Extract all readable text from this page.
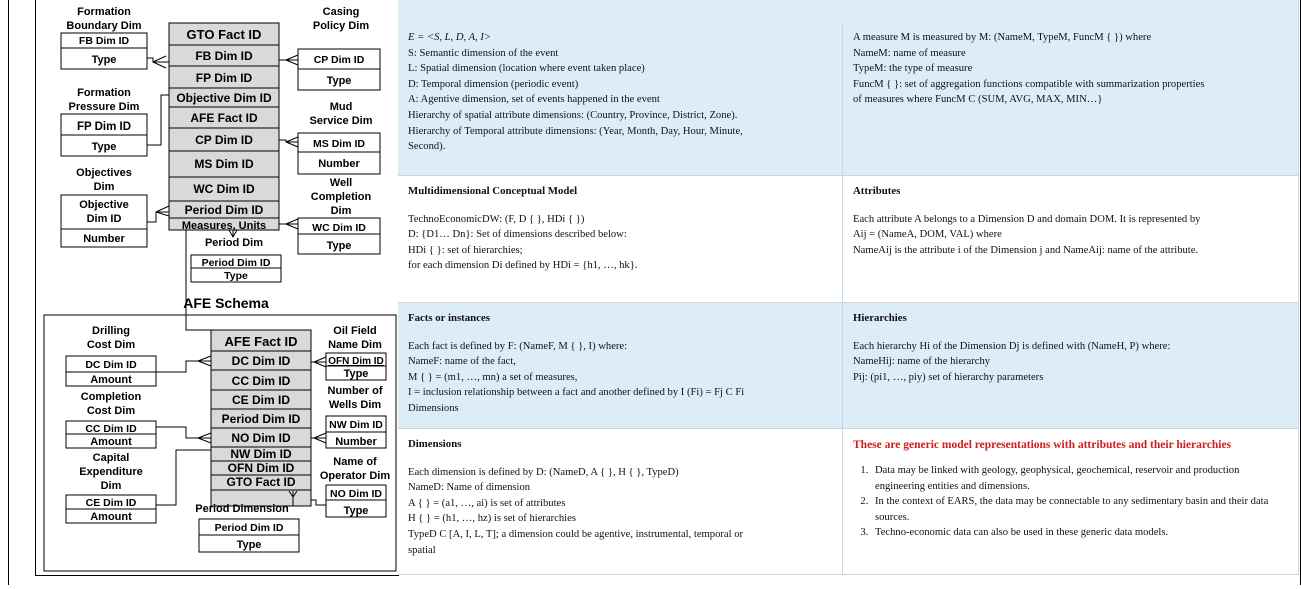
GTO Fact ID
FB Dim ID
FP Dim ID
Objective Dim ID
AFE Fact ID
CP Dim ID
MS Dim ID
WC Dim ID
Period Dim ID
Measures, Units
Formation
Boundary Dim
FB Dim ID
Type
Formation
Pressure Dim
FP Dim ID
Type
Objectives
Dim
Objective
Dim ID
Number
Casing
Policy Dim
CP Dim ID
Type
Mud
Service Dim
MS Dim ID
Number
Well
Completion
Dim
WC Dim ID
Type
Period Dim
Period Dim ID
Type
AFE Schema
AFE Fact ID
DC Dim ID
CC Dim ID
CE Dim ID
Period Dim ID
NO Dim ID
NW Dim ID
OFN Dim ID
GTO Fact ID
Drilling
Cost Dim
DC Dim ID
Amount
Completion
Cost Dim
CC Dim ID
Amount
Capital
Expenditure
Dim
CE Dim ID
Amount
Oil Field
Name Dim
OFN Dim ID
Type
Number of
Wells Dim
NW Dim ID
Number
Name of
Operator Dim
NO Dim ID
Type
Period Dimension
Period Dim ID
Type
E = <S, L, D, A, I>
S: Semantic dimension of the event
L: Spatial dimension (location where event taken place)
D: Temporal dimension (periodic event)
A: Agentive dimension, set of events happened in the event
Hierarchy of spatial attribute dimensions: (Country, Province, District, Zone).
Hierarchy of Temporal attribute dimensions: (Year, Month, Day, Hour, Minute,
Second).
A measure M is measured by M: (NameM, TypeM, FuncM { }) where
NameM: name of measure
TypeM: the type of measure
FuncM { }: set of aggregation functions compatible with summarization properties
of measures where FuncM C (SUM, AVG, MAX, MIN…}
Multidimensional Conceptual Model
TechnoEconomicDW: (F, D { }, HDi { })
D: {D1… Dn}: Set of dimensions described below:
HDi { }: set of hierarchies;
for each dimension Di defined by HDi = {h1, …, hk}.
Attributes
Each attribute A belongs to a Dimension D and domain DOM. It is represented by
Aij = (NameA, DOM, VAL) where
NameAij is the attribute i of the Dimension j and NameAij: name of the attribute.
Facts or instances
Each fact is defined by F: (NameF, M { }, I) where:
NameF: name of the fact,
M { } = (m1, …, mn) a set of measures,
I = inclusion relationship between a fact and another defined by I (Fi) = Fj C Fi
Dimensions
Hierarchies
Each hierarchy Hi of the Dimension Dj is defined with (NameH, P) where:
NameHij: name of the hierarchy
Pij: (pi1, …, piy) set of hierarchy parameters
Dimensions
Each dimension is defined by D: (NameD, A { }, H { }, TypeD)
NameD: Name of dimension
A { } = (a1, …, ai) is set of attributes
H { } = (h1, …, hz) is set of hierarchies
TypeD C [A, I, L, T]; a dimension could be agentive, instrumental, temporal or
spatial
These are generic model representations with attributes and their hierarchies
1. Data may be linked with geology, geophysical, geochemical, reservoir and production engineering entities and dimensions.
2. In the context of EARS, the data may be connectable to any sedimentary basin and their data sources.
3. Techno-economic data can also be used in these generic data models.
